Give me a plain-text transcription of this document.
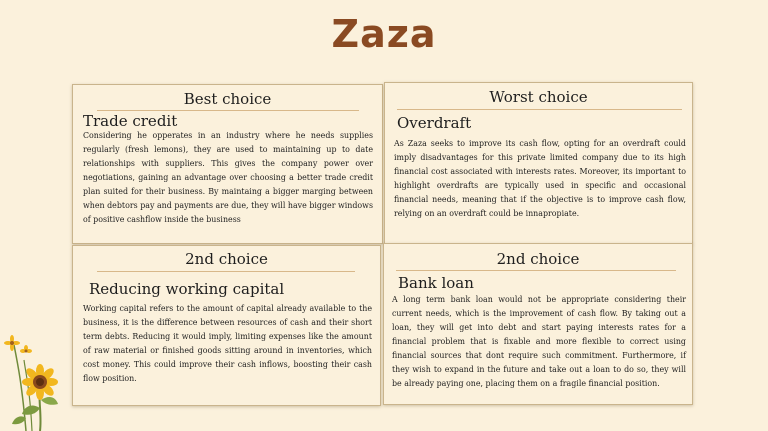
Zaza
Best choice
Trade credit
Considering he opperates in an industry where he needs supplies regularly (fresh lemons), they are used to maintaining up to date relationships with suppliers. This gives the company power over negotiations, gaining an advantage over choosing a better trade credit plan suited for their business. By maintaing a bigger marging between when debtors pay and payments are due, they will have bigger windows of positive cashflow inside the business
Worst choice
Overdraft
As Zaza seeks to improve its cash flow, opting for an overdraft could imply disadvantages for this private limited company due to its high financial cost associated with interests rates. Moreover, its important to highlight overdrafts are typically used in specific and occasional financial needs, meaning that if the objective is to improve cash flow, relying on an overdraft could be innapropiate.
2nd choice
Reducing working capital
Working capital refers to the amount of capital already available to the business, it is the difference between resources of cash and their short term debts. Reducing it would imply, limiting expenses like the amount of raw material or finished goods sitting around in inventories, which cost money. This could improve their cash inflows, boosting their cash flow position.
2nd choice
Bank loan
A long term bank loan would not be appropriate considering their current needs, which is the improvement of cash flow. By taking out a loan, they will get into debt and start paying interests rates for a financial problem that is fixable and more flexible to correct using financial sources that dont require such commitment. Furthermore, if they wish to expand in the future and take out a loan to do so, they will be already paying one, placing them on a fragile financial position.
